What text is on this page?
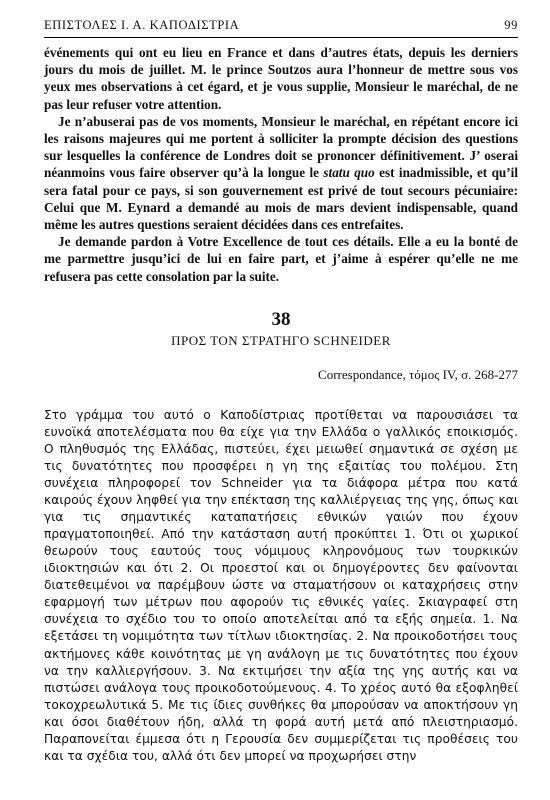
ΕΠΙΣΤΟΛΕΣ Ι. Α. ΚΑΠΟΔΙΣΤΡΙΑ	99

événements qui ont eu lieu en France et dans d’autres états, depuis les derniers jours du mois de juillet. M. le prince Soutzos aura l’honneur de mettre sous vos yeux mes observations à cet égard, et je vous supplie, Monsieur le maréchal, de ne pas leur refuser votre attention.

Je n’abuserai pas de vos moments, Monsieur le maréchal, en répétant encore ici les raisons majeures qui me portent à solliciter la prompte décision des questions sur lesquelles la conférence de Londres doit se prononcer définitivement. J’ oserai néanmoins vous faire observer qu’à la longue le statu quo est inadmissible, et qu’il sera fatal pour ce pays, si son gouvernement est privé de tout secours pécuniaire: Celui que M. Eynard a demandé au mois de mars devient indispensable, quand même les autres questions seraient décidées dans ces entrefaites.

Je demande pardon à Votre Excellence de tout ces détails. Elle a eu la bonté de me parmettre jusqu’ici de lui en faire part, et j’aime à espérer qu’elle ne me refusera pas cette consolation par la suite.

38
ΠΡΟΣ ΤΟΝ ΣΤΡΑΤΗΓΟ SCHNEIDER
Correspondance, τόμος IV, σ. 268-277
Στο γράμμα του αυτό ο Καποδίστριας προτίθεται να παρουσιάσει τα ευνοϊκά αποτελέσματα που θα είχε για την Ελλάδα ο γαλλικός εποικισμός. Ο πληθυσμός της Ελλάδας, πιστεύει, έχει μειωθεί σημαντικά σε σχέση με τις δυνατότητες που προσφέρει η γη της εξαιτίας του πολέμου. Στη συνέχεια πληροφορεί τον Schneider για τα διάφορα μέτρα που κατά καιρούς έχουν ληφθεί για την επέκταση της καλλιέργειας της γης, όπως και για τις σημαντικές καταπατήσεις εθνικών γαιών που έχουν πραγματοποιηθεί. Από την κατάσταση αυτή προκύπτει 1. Ότι οι χωρικοί θεωρούν τους εαυτούς τους νόμιμους κληρονόμους των τουρκικών ιδιοκτησιών και ότι 2. Οι προεστοί και οι δημογέροντες δεν φαίνονται διατεθειμένοι να παρέμβουν ώστε να σταματήσουν οι καταχρήσεις στην εφαρμογή των μέτρων που αφορούν τις εθνικές γαίες. Σκιαγραφεί στη συνέχεια το σχέδιο του το οποίο αποτελείται από τα εξής σημεία. 1. Να εξετάσει τη νομιμότητα των τίτλων ιδιοκτησίας. 2. Να προικοδοτήσει τους ακτήμονες κάθε κοινότητας με γη ανάλογη με τις δυνατότητες που έχουν να την καλλιεργήσουν. 3. Να εκτιμήσει την αξία της γης αυτής και να πιστώσει ανάλογα τους προικοδοτούμενους. 4. Το χρέος αυτό θα εξοφληθεί τοκοχρεωλυτικά 5. Με τις ίδιες συνθήκες θα μπορούσαν να αποκτήσουν γη και όσοι διαθέτουν ήδη, αλλά τη φορά αυτή μετά από πλειστηριασμό. Παραπονείται έμμεσα ότι η Γερουσία δεν συμμερίζεται τις προθέσεις του και τα σχέδια του, αλλά ότι δεν μπορεί να προχωρήσει στην
